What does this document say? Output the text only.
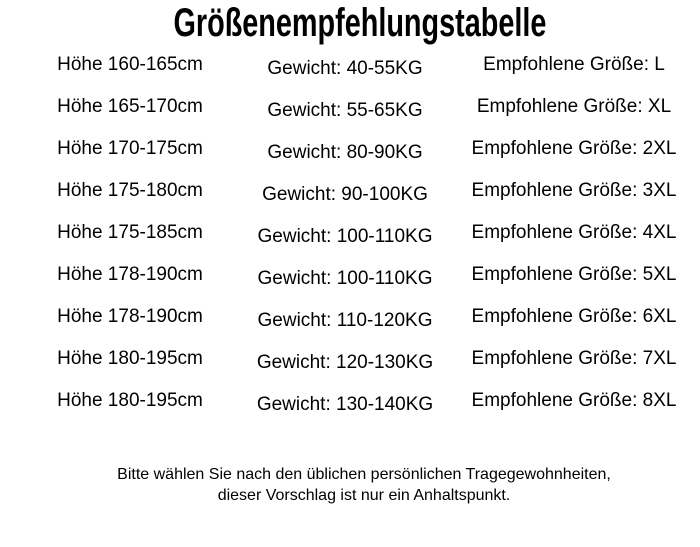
Größenempfehlungstabelle
Höhe 160-165cm	Gewicht: 40-55KG	Empfohlene Größe: L
Höhe 165-170cm	Gewicht: 55-65KG	Empfohlene Größe: XL
Höhe 170-175cm	Gewicht: 80-90KG	Empfohlene Größe: 2XL
Höhe 175-180cm	Gewicht: 90-100KG	Empfohlene Größe: 3XL
Höhe 175-185cm	Gewicht: 100-110KG	Empfohlene Größe: 4XL
Höhe 178-190cm	Gewicht: 100-110KG	Empfohlene Größe: 5XL
Höhe 178-190cm	Gewicht: 110-120KG	Empfohlene Größe: 6XL
Höhe 180-195cm	Gewicht: 120-130KG	Empfohlene Größe: 7XL
Höhe 180-195cm	Gewicht: 130-140KG	Empfohlene Größe: 8XL
Bitte wählen Sie nach den üblichen persönlichen Tragegewohnheiten,
dieser Vorschlag ist nur ein Anhaltspunkt.
